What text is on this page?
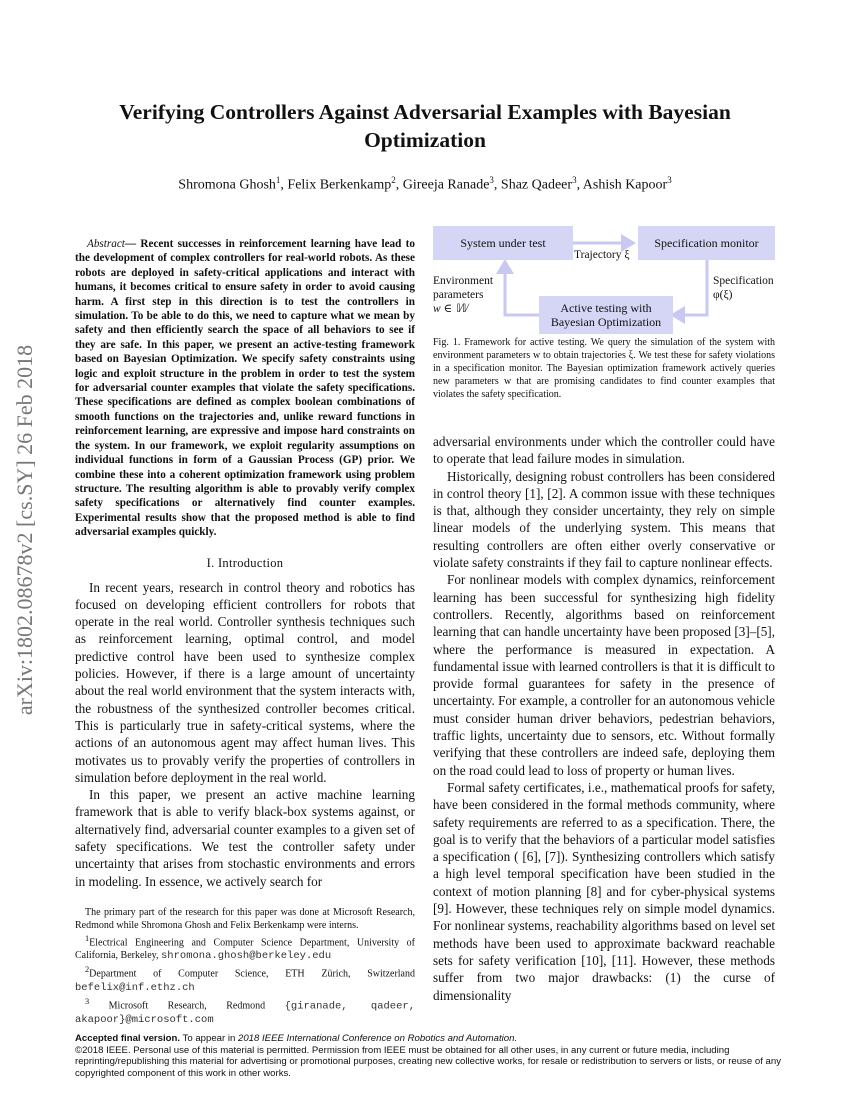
Verifying Controllers Against Adversarial Examples with Bayesian Optimization
Shromona Ghosh$^1$, Felix Berkenkamp$^2$, Gireeja Ranade$^3$, Shaz Qadeer$^3$, Ashish Kapoor$^3$
arXiv:1802.08678v2 [cs.SY] 26 Feb 2018

Abstract— Recent successes in reinforcement learning have lead to the development of complex controllers for real-world robots. As these robots are deployed in safety-critical applications and interact with humans, it becomes critical to ensure safety in order to avoid causing harm. A first step in this direction is to test the controllers in simulation. To be able to do this, we need to capture what we mean by safety and then efficiently search the space of all behaviors to see if they are safe. In this paper, we present an active-testing framework based on Bayesian Optimization. We specify safety constraints using logic and exploit structure in the problem in order to test the system for adversarial counter examples that violate the safety specifications. These specifications are defined as complex boolean combinations of smooth functions on the trajectories and, unlike reward functions in reinforcement learning, are expressive and impose hard constraints on the system. In our framework, we exploit regularity assumptions on individual functions in form of a Gaussian Process (GP) prior. We combine these into a coherent optimization framework using problem structure. The resulting algorithm is able to provably verify complex safety specifications or alternatively find counter examples. Experimental results show that the proposed method is able to find adversarial examples quickly.

I. Introduction

In recent years, research in control theory and robotics has focused on developing efficient controllers for robots that operate in the real world. Controller synthesis techniques such as reinforcement learning, optimal control, and model predictive control have been used to synthesize complex policies. However, if there is a large amount of uncertainty about the real world environment that the system interacts with, the robustness of the synthesized controller becomes critical. This is particularly true in safety-critical systems, where the actions of an autonomous agent may affect human lives. This motivates us to provably verify the properties of controllers in simulation before deployment in the real world.

In this paper, we present an active machine learning framework that is able to verify black-box systems against, or alternatively find, adversarial counter examples to a given set of safety specifications. We test the controller safety under uncertainty that arises from stochastic environments and errors in modeling. In essence, we actively search for

The primary part of the research for this paper was done at Microsoft Research, Redmond while Shromona Ghosh and Felix Berkenkamp were interns.

$^1$Electrical Engineering and Computer Science Department, University of California, Berkeley, shromona.ghosh@berkeley.edu

$^2$Department of Computer Science, ETH Zürich, Switzerland befelix@inf.ethz.ch

$^3$ Microsoft Research, Redmond {giranade, qadeer, akapoor}@microsoft.com

System under test	Specification monitor
Active testing with
Bayesian Optimization
Trajectory ξ
Environment
parameters
w ∈ 𝕎
Specification
φ(ξ)
Fig. 1. Framework for active testing. We query the simulation of the system with environment parameters w to obtain trajectories ξ. We test these for safety violations in a specification monitor. The Bayesian optimization framework actively queries new parameters w that are promising candidates to find counter examples that violates the safety specification.

adversarial environments under which the controller could have to operate that lead failure modes in simulation.

Historically, designing robust controllers has been considered in control theory [1], [2]. A common issue with these techniques is that, although they consider uncertainty, they rely on simple linear models of the underlying system. This means that resulting controllers are often either overly conservative or violate safety constraints if they fail to capture nonlinear effects.

For nonlinear models with complex dynamics, reinforcement learning has been successful for synthesizing high fidelity controllers. Recently, algorithms based on reinforcement learning that can handle uncertainty have been proposed [3]–[5], where the performance is measured in expectation. A fundamental issue with learned controllers is that it is difficult to provide formal guarantees for safety in the presence of uncertainty. For example, a controller for an autonomous vehicle must consider human driver behaviors, pedestrian behaviors, traffic lights, uncertainty due to sensors, etc. Without formally verifying that these controllers are indeed safe, deploying them on the road could lead to loss of property or human lives.

Formal safety certificates, i.e., mathematical proofs for safety, have been considered in the formal methods community, where safety requirements are referred to as a specification. There, the goal is to verify that the behaviors of a particular model satisfies a specification ( [6], [7]). Synthesizing controllers which satisfy a high level temporal specification have been studied in the context of motion planning [8] and for cyber-physical systems [9]. However, these techniques rely on simple model dynamics. For nonlinear systems, reachability algorithms based on level set methods have been used to approximate backward reachable sets for safety verification [10], [11]. However, these methods suffer from two major drawbacks: (1) the curse of dimensionality

Accepted final version. To appear in 2018 IEEE International Conference on Robotics and Automation.

©2018 IEEE. Personal use of this material is permitted. Permission from IEEE must be obtained for all other uses, in any current or future media, including reprinting/republishing this material for advertising or promotional purposes, creating new collective works, for resale or redistribution to servers or lists, or reuse of any copyrighted component of this work in other works.
